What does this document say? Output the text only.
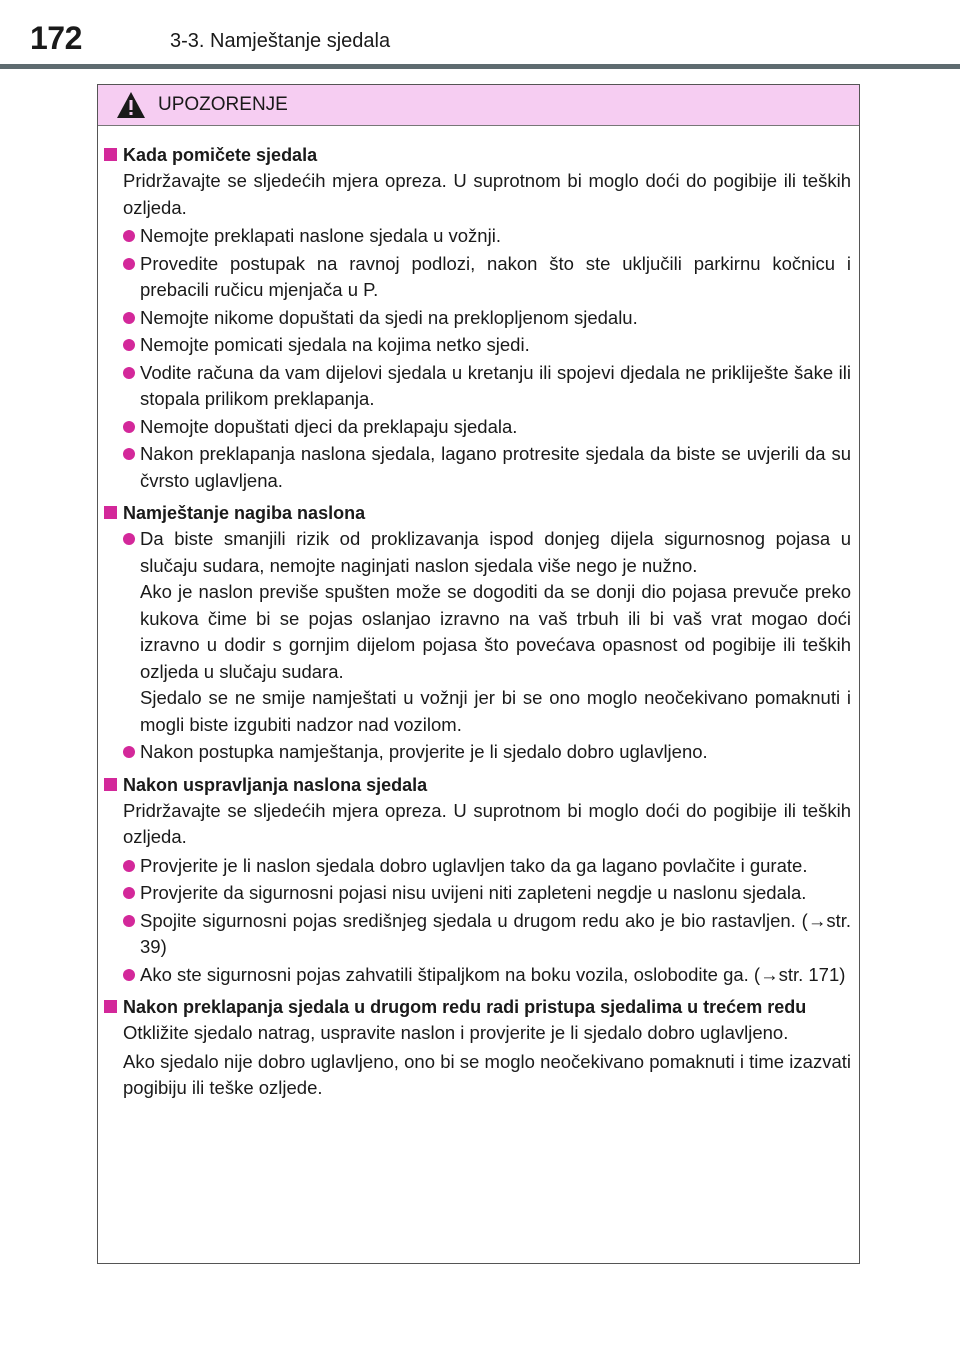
172	3-3. Namještanje sjedala
UPOZORENJE
Kada pomičete sjedala
Pridržavajte se sljedećih mjera opreza. U suprotnom bi moglo doći do pogibije ili teških ozljeda.
Nemojte preklapati naslone sjedala u vožnji.
Provedite postupak na ravnoj podlozi, nakon što ste uključili parkirnu kočnicu i prebacili ručicu mjenjača u P.
Nemojte nikome dopuštati da sjedi na preklopljenom sjedalu.
Nemojte pomicati sjedala na kojima netko sjedi.
Vodite računa da vam dijelovi sjedala u kretanju ili spojevi djedala ne prikliješte šake ili stopala prilikom preklapanja.
Nemojte dopuštati djeci da preklapaju sjedala.
Nakon preklapanja naslona sjedala, lagano protresite sjedala da biste se uvjerili da su čvrsto uglavljena.
Namještanje nagiba naslona
Da biste smanjili rizik od proklizavanja ispod donjeg dijela sigurnosnog pojasa u slučaju sudara, nemojte naginjati naslon sjedala više nego je nužno.
Ako je naslon previše spušten može se dogoditi da se donji dio pojasa prevuče preko kukova čime bi se pojas oslanjao izravno na vaš trbuh ili bi vaš vrat mogao doći izravno u dodir s gornjim dijelom pojasa što povećava opasnost od pogibije ili teških ozljeda u slučaju sudara.
Sjedalo se ne smije namještati u vožnji jer bi se ono moglo neočekivano pomaknuti i mogli biste izgubiti nadzor nad vozilom.
Nakon postupka namještanja, provjerite je li sjedalo dobro uglavljeno.
Nakon uspravljanja naslona sjedala
Pridržavajte se sljedećih mjera opreza. U suprotnom bi moglo doći do pogibije ili teških ozljeda.
Provjerite je li naslon sjedala dobro uglavljen tako da ga lagano povlačite i gurate.
Provjerite da sigurnosni pojasi nisu uvijeni niti zapleteni negdje u naslonu sjedala.
Spojite sigurnosni pojas središnjeg sjedala u drugom redu ako je bio rastavljen. (→str. 39)
Ako ste sigurnosni pojas zahvatili štipaljkom na boku vozila, oslobodite ga. (→str. 171)
Nakon preklapanja sjedala u drugom redu radi pristupa sjedalima u trećem redu
Otkližite sjedalo natrag, uspravite naslon i provjerite je li sjedalo dobro uglavljeno.
Ako sjedalo nije dobro uglavljeno, ono bi se moglo neočekivano pomaknuti i time izazvati pogibiju ili teške ozljede.
